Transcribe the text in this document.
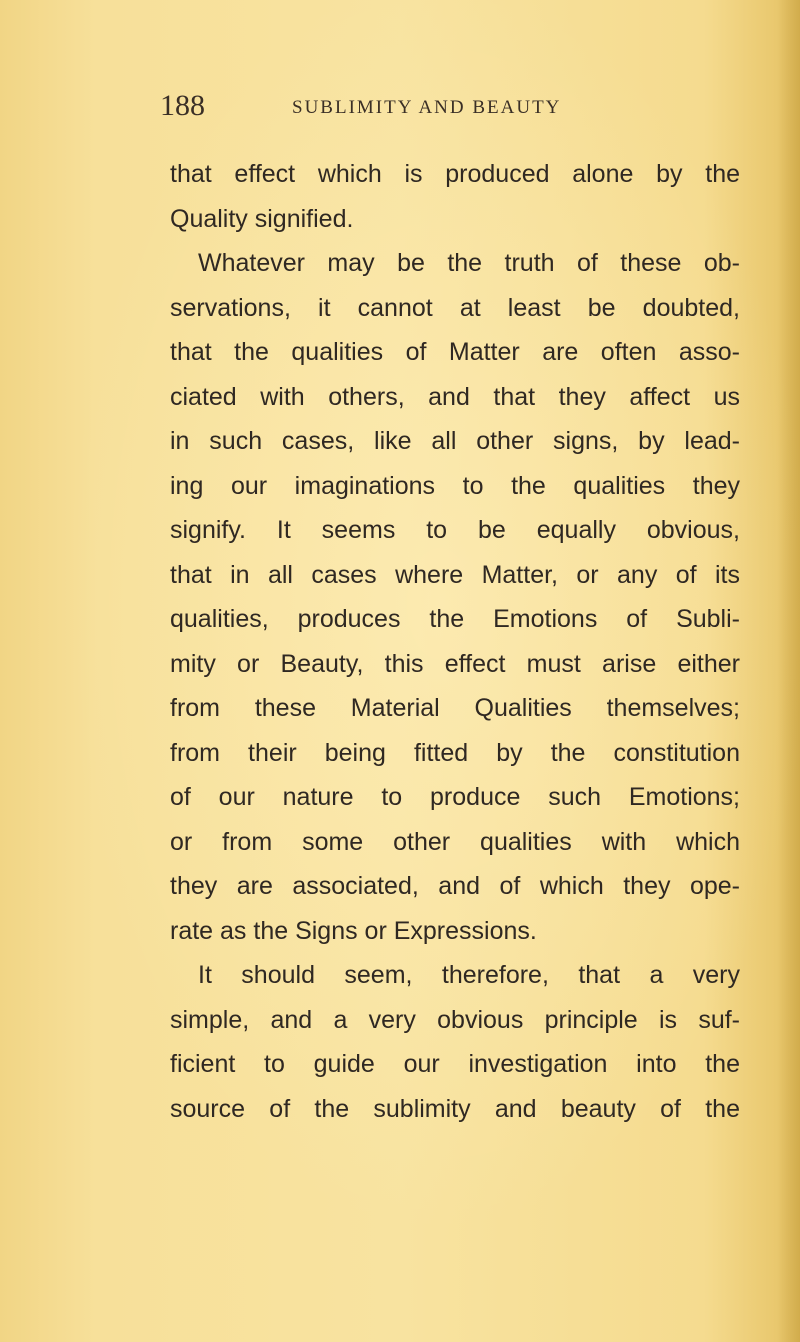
188	SUBLIMITY AND BEAUTY
that effect which is produced alone by the
Quality signified.
Whatever may be the truth of these ob-
servations, it cannot at least be doubted,
that the qualities of Matter are often asso-
ciated with others, and that they affect us
in such cases, like all other signs, by lead-
ing our imaginations to the qualities they
signify. It seems to be equally obvious,
that in all cases where Matter, or any of its
qualities, produces the Emotions of Subli-
mity or Beauty, this effect must arise either
from these Material Qualities themselves;
from their being fitted by the constitution
of our nature to produce such Emotions;
or from some other qualities with which
they are associated, and of which they ope-
rate as the Signs or Expressions.
It should seem, therefore, that a very
simple, and a very obvious principle is suf-
ficient to guide our investigation into the
source of the sublimity and beauty of the
